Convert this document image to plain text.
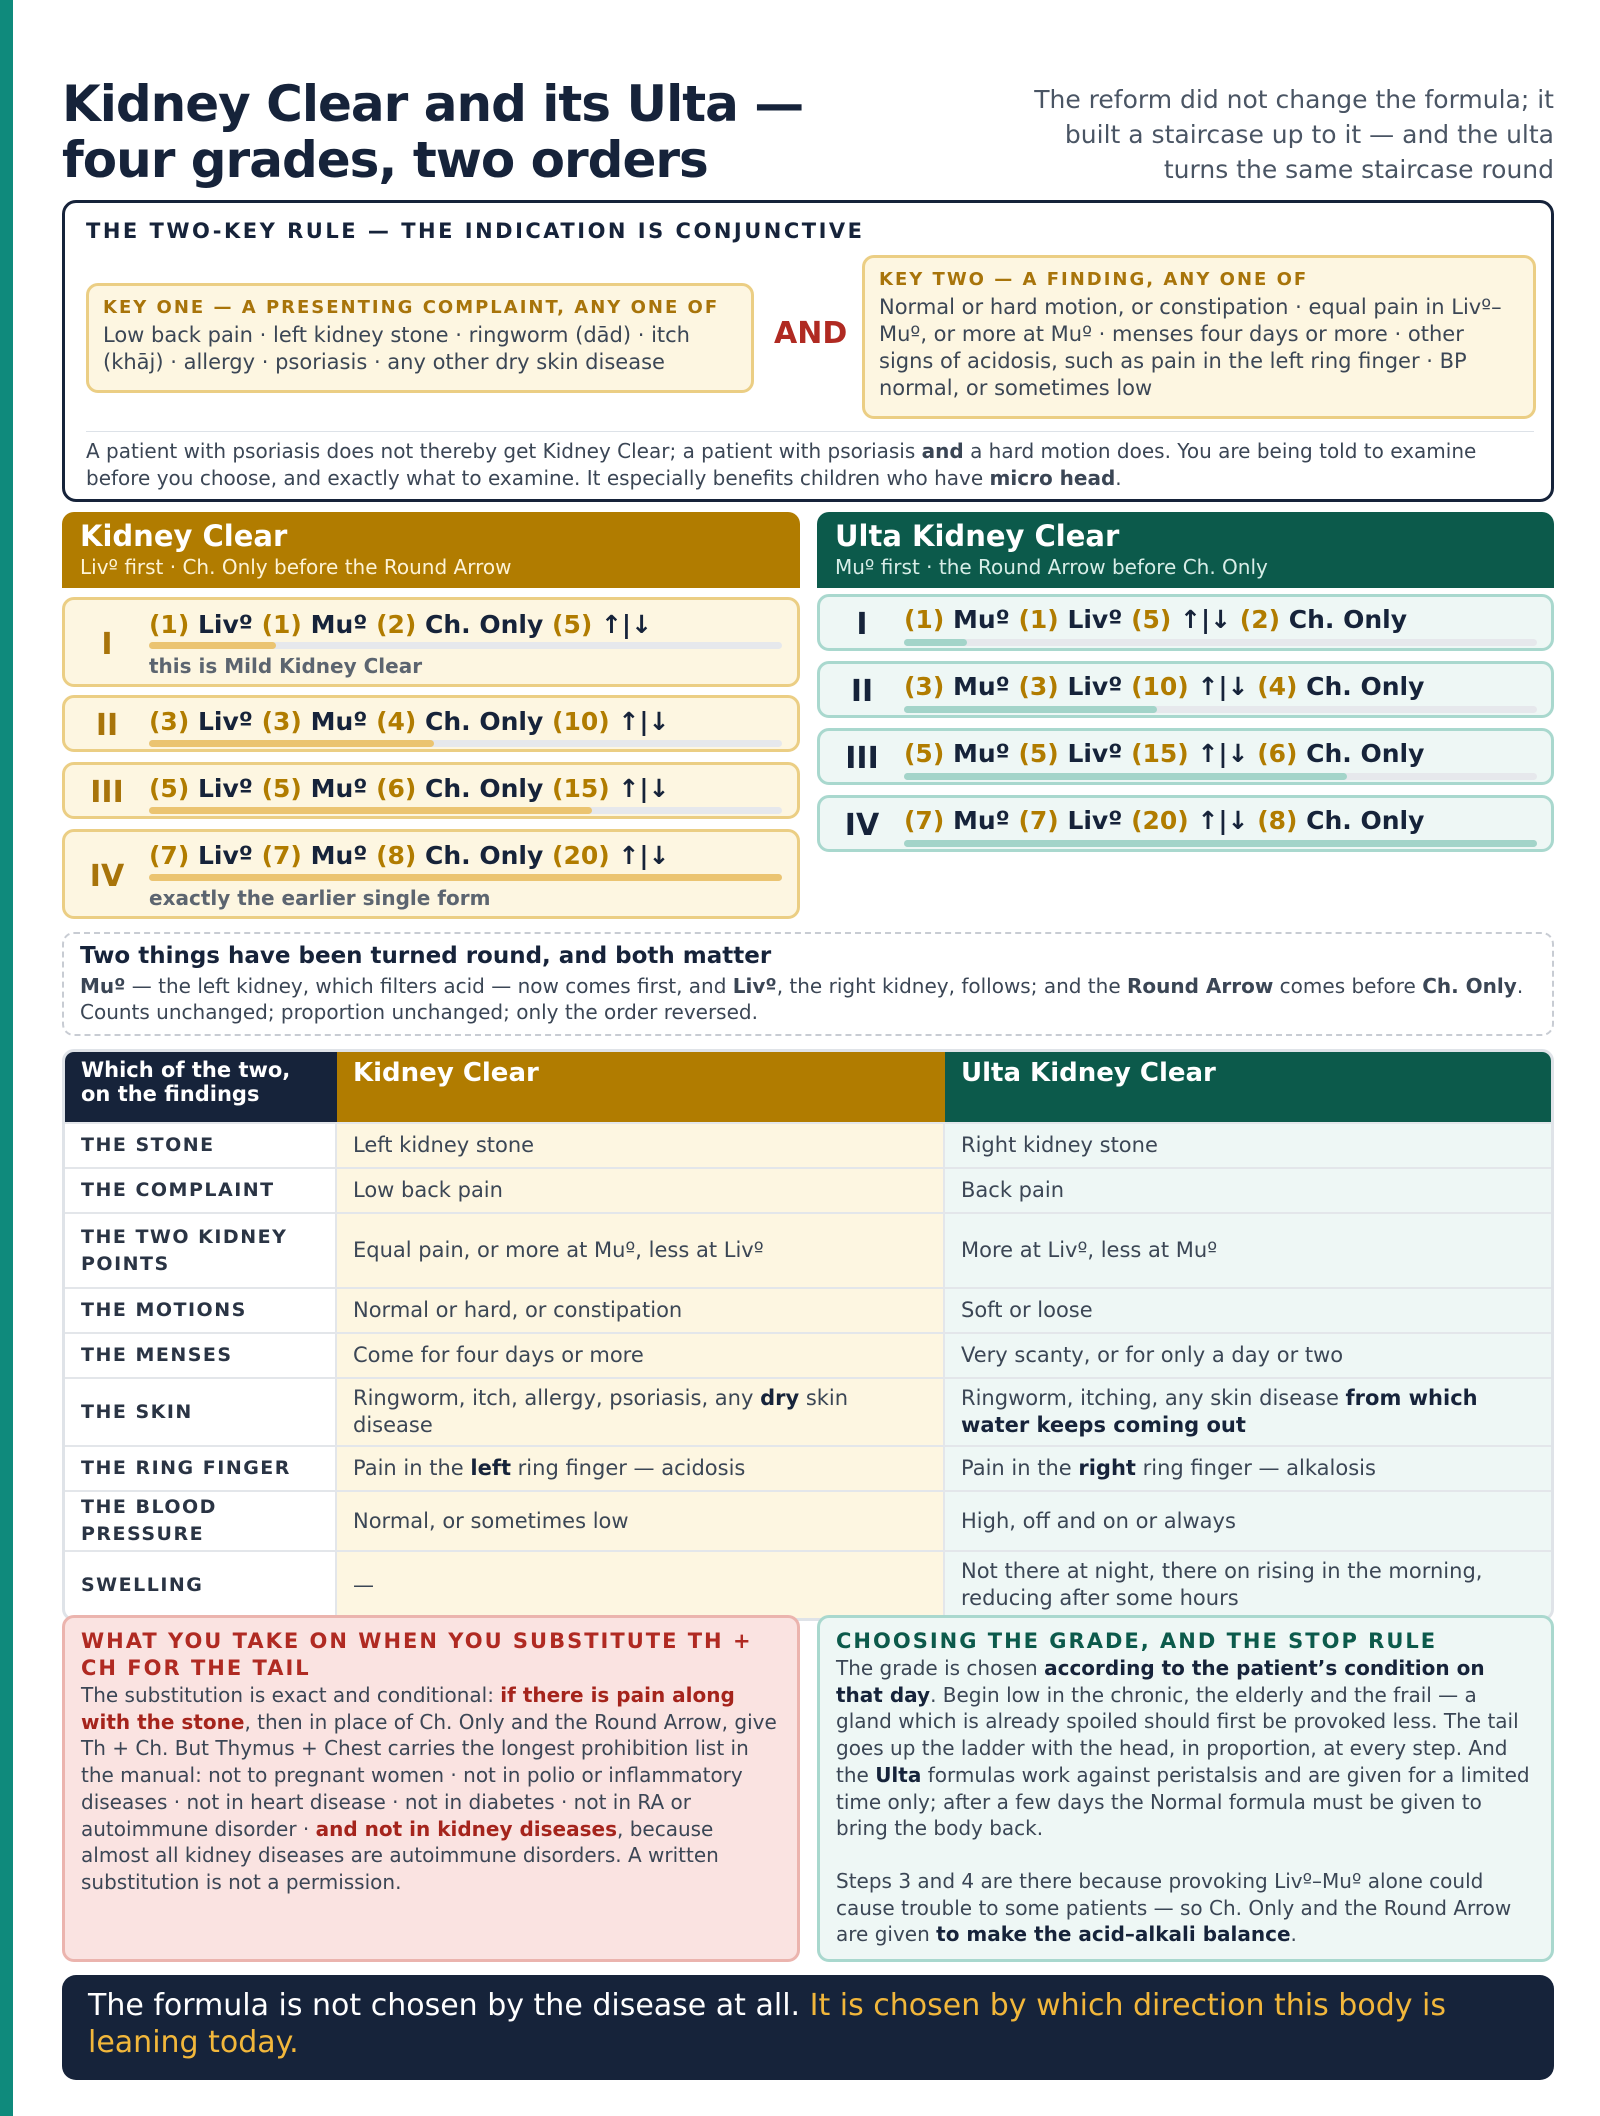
Kidney Clear and its Ulta — four grades, two orders

The reform did not change the formula; it built a staircase up to it — and the ulta turns the same staircase round

THE TWO-KEY RULE — THE INDICATION IS CONJUNCTIVE
KEY ONE — A PRESENTING COMPLAINT, ANY ONE OF
Low back pain · left kidney stone · ringworm (dād) · itch (khāj) · allergy · psoriasis · any other dry skin disease
AND
KEY TWO — A FINDING, ANY ONE OF
Normal or hard motion, or constipation · equal pain in Livº–Muº, or more at Muº · menses four days or more · other signs of acidosis, such as pain in the left ring finger · BP normal, or sometimes low

A patient with psoriasis does not thereby get Kidney Clear; a patient with psoriasis and a hard motion does. You are being told to examine before you choose, and exactly what to examine. It especially benefits children who have micro head.

Kidney Clear
Livº first · Ch. Only before the Round Arrow
I
(1) Livº (1) Muº (2) Ch. Only (5) ↑|↓
this is Mild Kidney Clear
II	(3) Livº (3) Muº (4) Ch. Only (10) ↑|↓
III	(5) Livº (5) Muº (6) Ch. Only (15) ↑|↓
IV
(7) Livº (7) Muº (8) Ch. Only (20) ↑|↓
exactly the earlier single form
Ulta Kidney Clear
Muº first · the Round Arrow before Ch. Only
I	(1) Muº (1) Livº (5) ↑|↓ (2) Ch. Only
II	(3) Muº (3) Livº (10) ↑|↓ (4) Ch. Only
III	(5) Muº (5) Livº (15) ↑|↓ (6) Ch. Only
IV (7) Muº (7) Livº (20) ↑|↓ (8) Ch. Only
Two things have been turned round, and both matter

Muº — the left kidney, which filters acid — now comes first, and Livº, the right kidney, follows; and the Round Arrow comes before Ch. Only. Counts unchanged; proportion unchanged; only the order reversed.

Which of the two, on the findings	Kidney Clear	Ulta Kidney Clear
THE STONE	Left kidney stone	Right kidney stone
THE COMPLAINT	Low back pain	Back pain
THE TWO KIDNEY POINTS	Equal pain, or more at Muº, less at Livº	More at Livº, less at Muº
THE MOTIONS	Normal or hard, or constipation	Soft or loose
THE MENSES	Come for four days or more	Very scanty, or for only a day or two
THE SKIN	Ringworm, itch, allergy, psoriasis, any dry skin disease	Ringworm, itching, any skin disease from which water keeps coming out
THE RING FINGER	Pain in the left ring finger — acidosis	Pain in the right ring finger — alkalosis
THE BLOOD PRESSURE	Normal, or sometimes low	High, off and on or always
SWELLING	—	Not there at night, there on rising in the morning, reducing after some hours
WHAT YOU TAKE ON WHEN YOU SUBSTITUTE TH + CH FOR THE TAIL

The substitution is exact and conditional: if there is pain along with the stone, then in place of Ch. Only and the Round Arrow, give Th + Ch. But Thymus + Chest carries the longest prohibition list in the manual: not to pregnant women · not in polio or inflammatory diseases · not in heart disease · not in diabetes · not in RA or autoimmune disorder · and not in kidney diseases, because almost all kidney diseases are autoimmune disorders. A written substitution is not a permission.

CHOOSING THE GRADE, AND THE STOP RULE

The grade is chosen according to the patient’s condition on that day. Begin low in the chronic, the elderly and the frail — a gland which is already spoiled should first be provoked less. The tail goes up the ladder with the head, in proportion, at every step. And the Ulta formulas work against peristalsis and are given for a limited time only; after a few days the Normal formula must be given to bring the body back.

Steps 3 and 4 are there because provoking Livº–Muº alone could cause trouble to some patients — so Ch. Only and the Round Arrow are given to make the acid–alkali balance.

The formula is not chosen by the disease at all. It is chosen by which direction this body is leaning today.
